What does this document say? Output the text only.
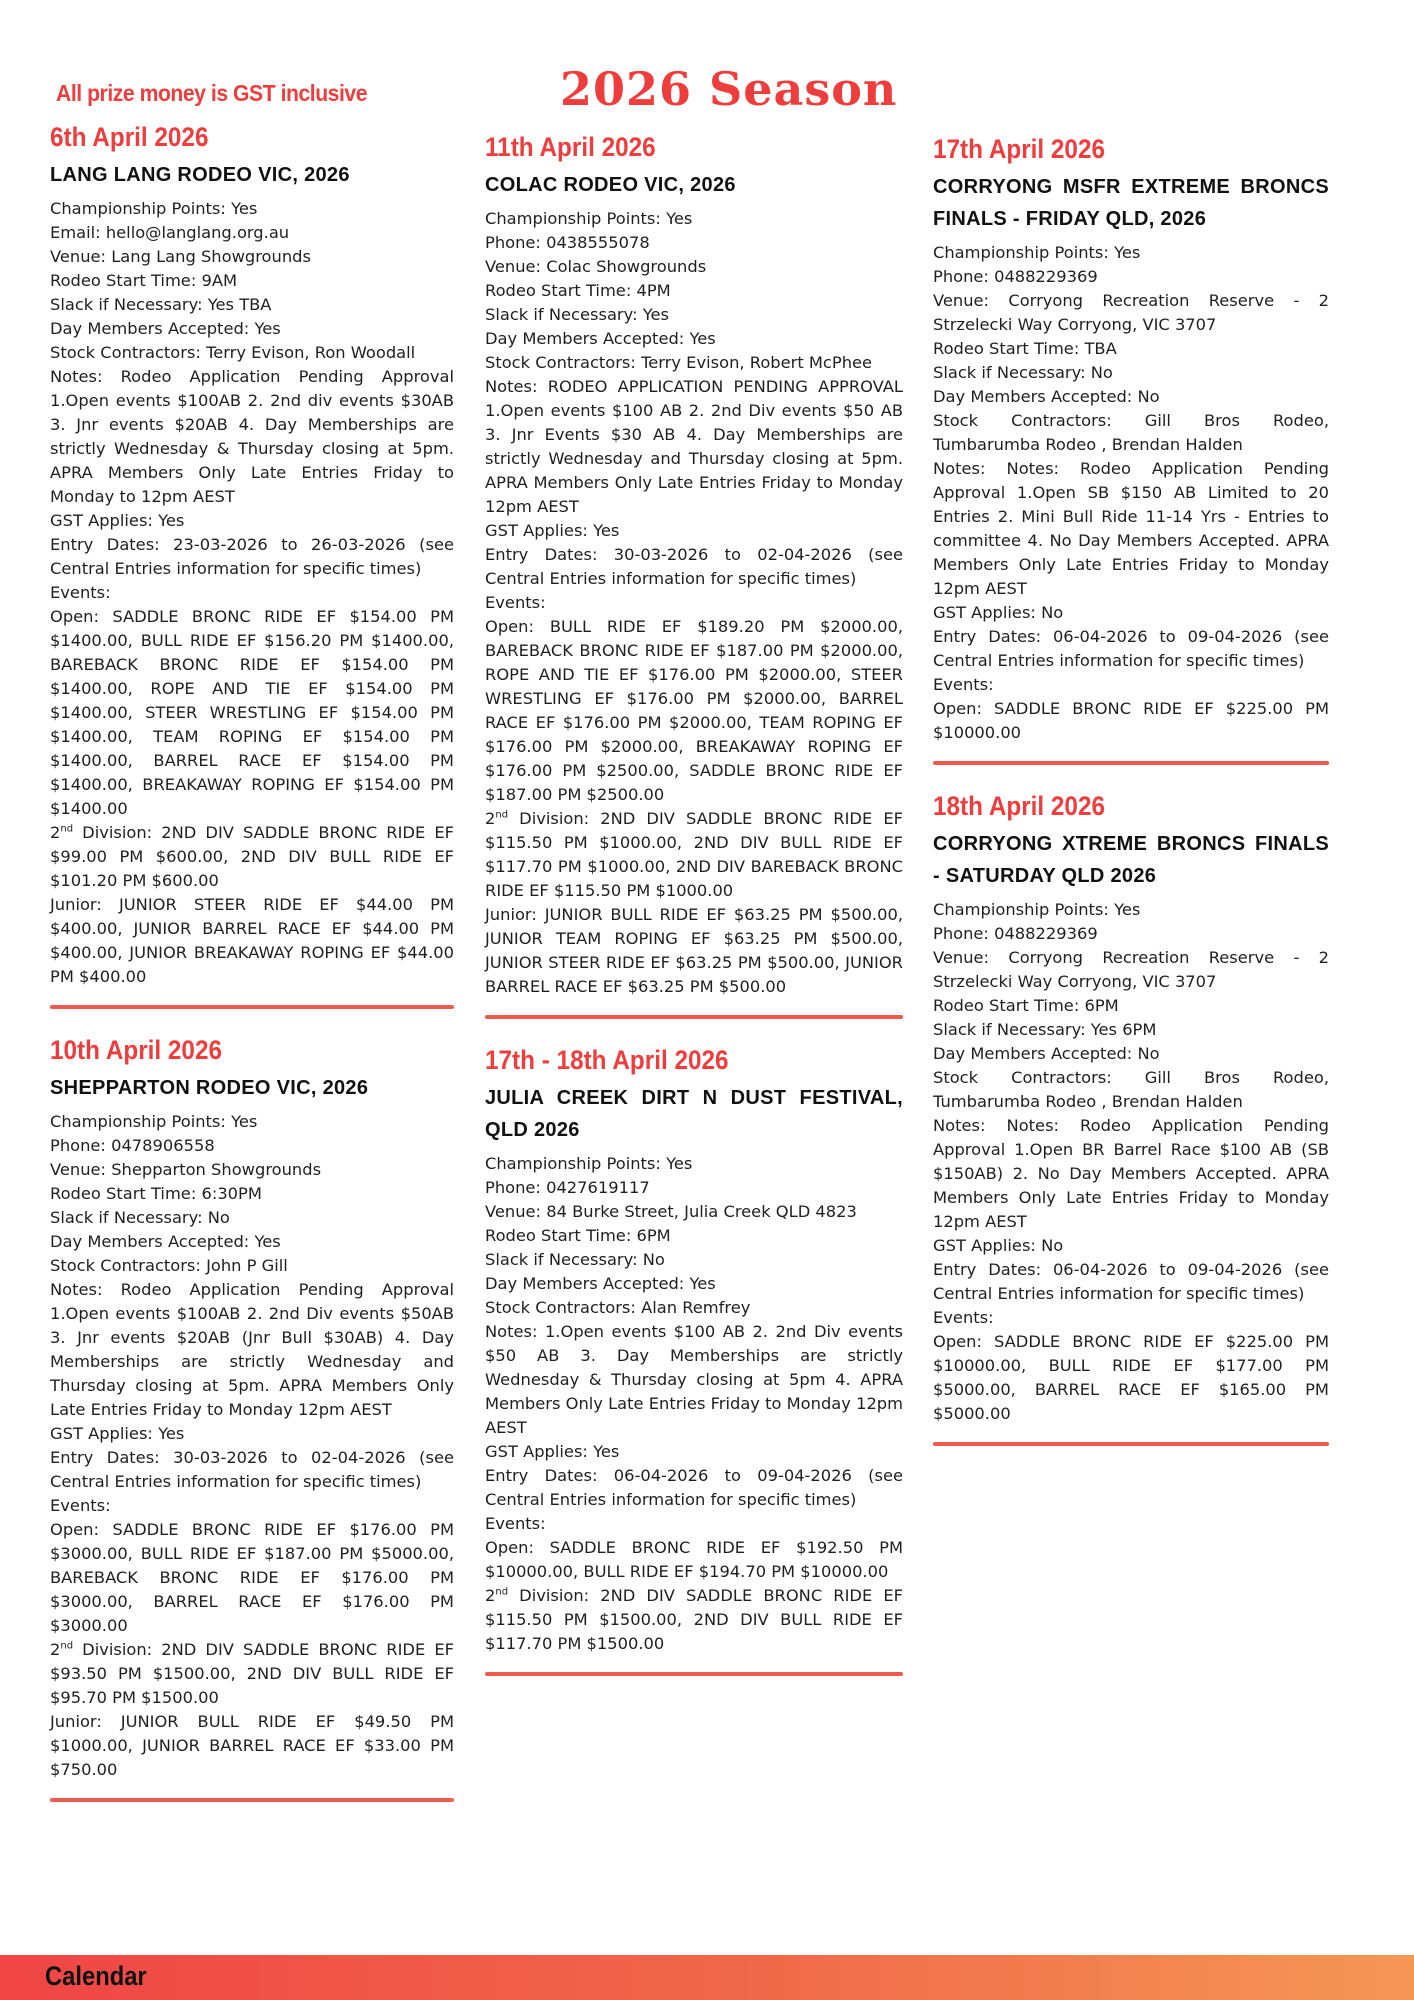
All prize money is GST inclusive	2026 Season
6th April 2026
LANG LANG RODEO VIC, 2026

Championship Points: Yes

Email: hello@langlang.org.au

Venue: Lang Lang Showgrounds

Rodeo Start Time: 9AM

Slack if Necessary: Yes TBA

Day Members Accepted: Yes

Stock Contractors: Terry Evison, Ron Woodall

Notes: Rodeo Application Pending Approval 1.Open events $100AB 2. 2nd div events $30AB 3. Jnr events $20AB 4. Day Memberships are strictly Wednesday & Thursday closing at 5pm. APRA Members Only Late Entries Friday to Monday to 12pm AEST

GST Applies: Yes

Entry Dates: 23-03-2026 to 26-03-2026 (see Central Entries information for specific times)

Events:

Open: SADDLE BRONC RIDE EF $154.00 PM $1400.00, BULL RIDE EF $156.20 PM $1400.00, BAREBACK BRONC RIDE EF $154.00 PM $1400.00, ROPE AND TIE EF $154.00 PM $1400.00, STEER WRESTLING EF $154.00 PM $1400.00, TEAM ROPING EF $154.00 PM $1400.00, BARREL RACE EF $154.00 PM $1400.00, BREAKAWAY ROPING EF $154.00 PM $1400.00

2nd Division: 2ND DIV SADDLE BRONC RIDE EF $99.00 PM $600.00, 2ND DIV BULL RIDE EF $101.20 PM $600.00

Junior: JUNIOR STEER RIDE EF $44.00 PM $400.00, JUNIOR BARREL RACE EF $44.00 PM $400.00, JUNIOR BREAKAWAY ROPING EF $44.00 PM $400.00

10th April 2026
SHEPPARTON RODEO VIC, 2026

Championship Points: Yes

Phone: 0478906558

Venue: Shepparton Showgrounds

Rodeo Start Time: 6:30PM

Slack if Necessary: No

Day Members Accepted: Yes

Stock Contractors: John P Gill

Notes: Rodeo Application Pending Approval 1.Open events $100AB 2. 2nd Div events $50AB 3. Jnr events $20AB (Jnr Bull $30AB) 4. Day Memberships are strictly Wednesday and Thursday closing at 5pm. APRA Members Only Late Entries Friday to Monday 12pm AEST

GST Applies: Yes

Entry Dates: 30-03-2026 to 02-04-2026 (see Central Entries information for specific times)

Events:

Open: SADDLE BRONC RIDE EF $176.00 PM $3000.00, BULL RIDE EF $187.00 PM $5000.00, BAREBACK BRONC RIDE EF $176.00 PM $3000.00, BARREL RACE EF $176.00 PM $3000.00

2nd Division: 2ND DIV SADDLE BRONC RIDE EF $93.50 PM $1500.00, 2ND DIV BULL RIDE EF $95.70 PM $1500.00

Junior: JUNIOR BULL RIDE EF $49.50 PM $1000.00, JUNIOR BARREL RACE EF $33.00 PM $750.00

11th April 2026
COLAC RODEO VIC, 2026

Championship Points: Yes

Phone: 0438555078

Venue: Colac Showgrounds

Rodeo Start Time: 4PM

Slack if Necessary: Yes

Day Members Accepted: Yes

Stock Contractors: Terry Evison, Robert McPhee

Notes: RODEO APPLICATION PENDING APPROVAL 1.Open events $100 AB 2. 2nd Div events $50 AB 3. Jnr Events $30 AB 4. Day Memberships are strictly Wednesday and Thursday closing at 5pm. APRA Members Only Late Entries Friday to Monday 12pm AEST

GST Applies: Yes

Entry Dates: 30-03-2026 to 02-04-2026 (see Central Entries information for specific times)

Events:

Open: BULL RIDE EF $189.20 PM $2000.00, BAREBACK BRONC RIDE EF $187.00 PM $2000.00, ROPE AND TIE EF $176.00 PM $2000.00, STEER WRESTLING EF $176.00 PM $2000.00, BARREL RACE EF $176.00 PM $2000.00, TEAM ROPING EF $176.00 PM $2000.00, BREAKAWAY ROPING EF $176.00 PM $2500.00, SADDLE BRONC RIDE EF $187.00 PM $2500.00

2nd Division: 2ND DIV SADDLE BRONC RIDE EF $115.50 PM $1000.00, 2ND DIV BULL RIDE EF $117.70 PM $1000.00, 2ND DIV BAREBACK BRONC RIDE EF $115.50 PM $1000.00

Junior: JUNIOR BULL RIDE EF $63.25 PM $500.00, JUNIOR TEAM ROPING EF $63.25 PM $500.00, JUNIOR STEER RIDE EF $63.25 PM $500.00, JUNIOR BARREL RACE EF $63.25 PM $500.00

17th - 18th April 2026
JULIA CREEK DIRT N DUST FESTIVAL, QLD 2026

Championship Points: Yes

Phone: 0427619117

Venue: 84 Burke Street, Julia Creek QLD 4823

Rodeo Start Time: 6PM

Slack if Necessary: No

Day Members Accepted: Yes

Stock Contractors: Alan Remfrey

Notes: 1.Open events $100 AB 2. 2nd Div events $50 AB 3. Day Memberships are strictly Wednesday & Thursday closing at 5pm 4. APRA Members Only Late Entries Friday to Monday 12pm AEST

GST Applies: Yes

Entry Dates: 06-04-2026 to 09-04-2026 (see Central Entries information for specific times)

Events:

Open: SADDLE BRONC RIDE EF $192.50 PM $10000.00, BULL RIDE EF $194.70 PM $10000.00

2nd Division: 2ND DIV SADDLE BRONC RIDE EF $115.50 PM $1500.00, 2ND DIV BULL RIDE EF $117.70 PM $1500.00

17th April 2026
CORRYONG MSFR EXTREME BRONCS FINALS - FRIDAY QLD, 2026

Championship Points: Yes

Phone: 0488229369

Venue: Corryong Recreation Reserve - 2 Strzelecki Way Corryong, VIC 3707

Rodeo Start Time: TBA

Slack if Necessary: No

Day Members Accepted: No

Stock Contractors: Gill Bros Rodeo, Tumbarumba Rodeo , Brendan Halden

Notes: Notes: Rodeo Application Pending Approval 1.Open SB $150 AB Limited to 20 Entries 2. Mini Bull Ride 11-14 Yrs - Entries to committee 4. No Day Members Accepted. APRA Members Only Late Entries Friday to Monday 12pm AEST

GST Applies: No

Entry Dates: 06-04-2026 to 09-04-2026 (see Central Entries information for specific times)

Events:

Open: SADDLE BRONC RIDE EF $225.00 PM $10000.00

18th April 2026
CORRYONG XTREME BRONCS FINALS - SATURDAY QLD 2026

Championship Points: Yes

Phone: 0488229369

Venue: Corryong Recreation Reserve - 2 Strzelecki Way Corryong, VIC 3707

Rodeo Start Time: 6PM

Slack if Necessary: Yes 6PM

Day Members Accepted: No

Stock Contractors: Gill Bros Rodeo, Tumbarumba Rodeo , Brendan Halden

Notes: Notes: Rodeo Application Pending Approval 1.Open BR Barrel Race $100 AB (SB $150AB) 2. No Day Members Accepted. APRA Members Only Late Entries Friday to Monday 12pm AEST

GST Applies: No

Entry Dates: 06-04-2026 to 09-04-2026 (see Central Entries information for specific times)

Events:

Open: SADDLE BRONC RIDE EF $225.00 PM $10000.00, BULL RIDE EF $177.00 PM $5000.00, BARREL RACE EF $165.00 PM $5000.00

Calendar
